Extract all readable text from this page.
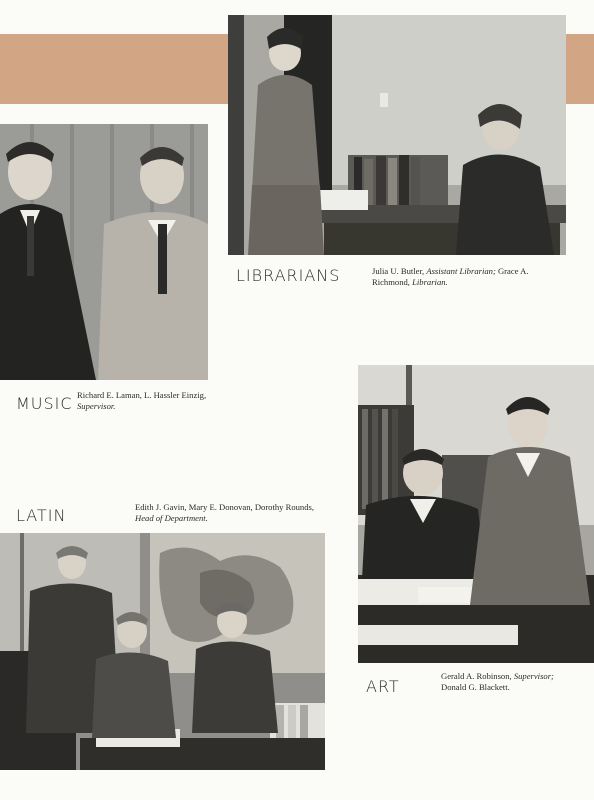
LIBRARIANS	Julia U. Butler, Assistant Librarian; Grace A. Richmond, Librarian.
MUSIC Richard E. Laman, L. Hassler Einzig, Supervisor.
ART
Gerald A. Robinson, Supervisor; Donald G. Blackett.
LATIN	Edith J. Gavin, Mary E. Donovan, Dorothy Rounds, Head of Department.
